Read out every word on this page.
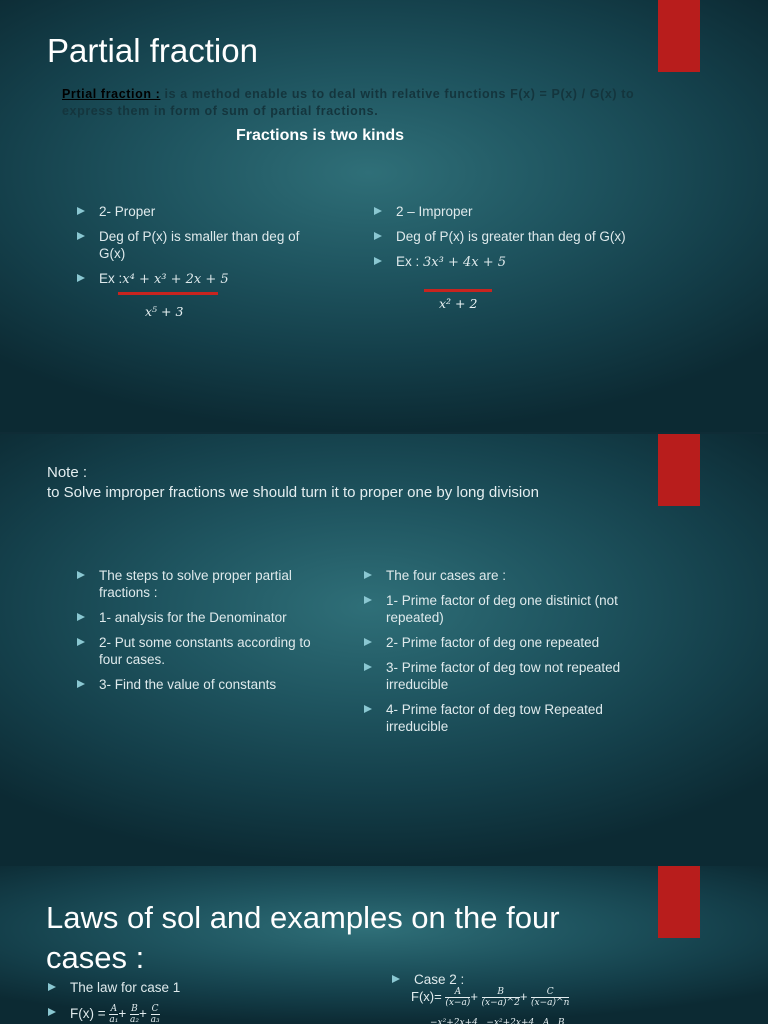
Partial fraction
Prtial fraction : is a method enable us to deal with relative functions F(x) = P(x) / G(x) to express them in form of sum of partial fractions.
Fractions is two kinds
2- Proper
Deg of P(x) is smaller than deg of G(x)
Ex :x⁴ + x³ + 2x + 5
x⁵ + 3
2 – Improper
Deg of P(x) is greater than deg of G(x)
Ex : 3x³ + 4x + 5
x² + 2
Note :
to Solve improper fractions we should turn it to proper one by long division
The steps to solve proper partial fractions :
1- analysis for the Denominator
2- Put some constants according to four cases.
3- Find the value of constants
The four cases are :
1- Prime factor of deg one distinict (not repeated)
2- Prime factor of deg one repeated
3- Prime factor of deg tow not repeated irreducible
4- Prime factor of deg tow Repeated irreducible
Laws of sol and examples on the four cases :
The law for case 1
$F(x) = \frac{A}{\text{a₁}} + \frac{B}{\text{a₂}} + \frac{C}{\text{a₃}}$
Case 2 :
$F(x)= \frac{A}{(x-a)} + \frac{B}{(x-a)\^{}2} + \frac{C}{(x-a)\^{}n}$
−x²+2x+4   −x²+2x+4   A   B
